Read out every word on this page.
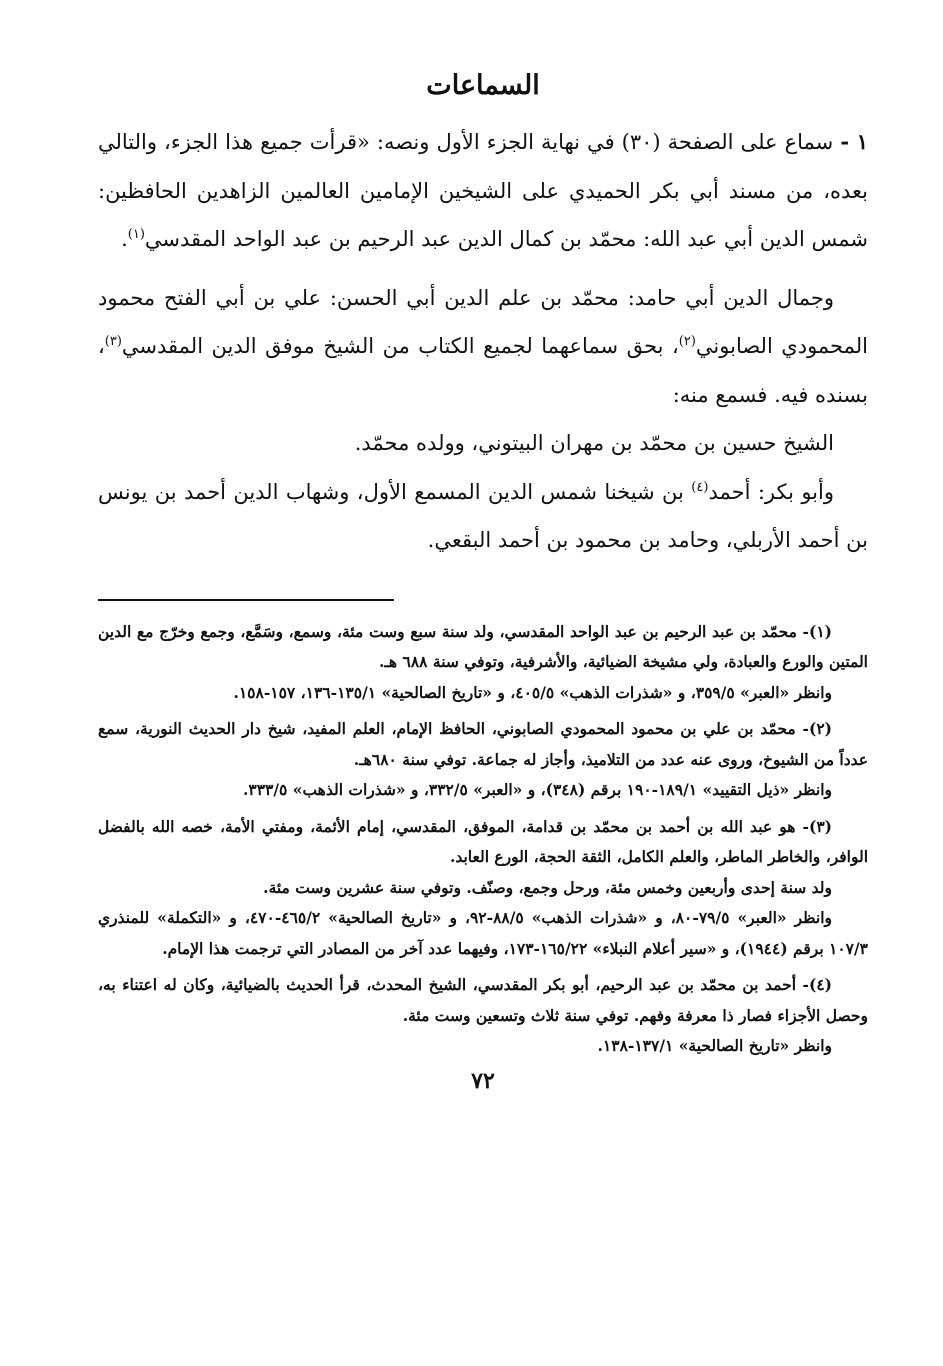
السماعات

١ - سماع على الصفحة (٣٠) في نهاية الجزء الأول ونصه: «قرأت جميع هذا الجزء، والتالي بعده، من مسند أبي بكر الحميدي على الشيخين الإمامين العالمين الزاهدين الحافظين: شمس الدين أبي عبد الله: محمّد بن كمال الدين عبد الرحيم بن عبد الواحد المقدسي$^{(١)}$.

وجمال الدين أبي حامد: محمّد بن علم الدين أبي الحسن: علي بن أبي الفتح محمود المحمودي الصابوني$^{(٢)}$، بحق سماعهما لجميع الكتاب من الشيخ موفق الدين المقدسي$^{(٣)}$، بسنده فيه. فسمع منه:

الشيخ حسين بن محمّد بن مهران البيتوني، وولده محمّد.

وأبو بكر: أحمد$^{(٤)}$ بن شيخنا شمس الدين المسمع الأول، وشهاب الدين أحمد بن يونس بن أحمد الأربلي، وحامد بن محمود بن أحمد البقعي.

(١)- محمّد بن عبد الرحيم بن عبد الواحد المقدسي، ولد سنة سبع وست مئة، وسمع، وسَمَّع، وجمع وخرّج مع الدين المتين والورع والعبادة، ولي مشيخة الضيائية، والأشرفية، وتوفي سنة ٦٨٨ هـ.

وانظر «العبر» ٣٥٩/٥، و «شذرات الذهب» ٤٠٥/٥، و «تاريخ الصالحية» ١٣٥/١-١٣٦، ١٥٧-١٥٨.

(٢)- محمّد بن علي بن محمود المحمودي الصابوني، الحافظ الإمام، العلم المفيد، شيخ دار الحديث النورية، سمع عدداً من الشيوخ، وروى عنه عدد من التلاميذ، وأجاز له جماعة. توفي سنة ٦٨٠هـ.

وانظر «ذيل التقييد» ١٨٩/١-١٩٠ برقم (٣٤٨)، و «العبر» ٣٣٢/٥، و «شذرات الذهب» ٣٣٣/٥.

(٣)- هو عبد الله بن أحمد بن محمّد بن قدامة، الموفق، المقدسي، إمام الأئمة، ومفتي الأمة، خصه الله بالفضل الوافر، والخاطر الماطر، والعلم الكامل، الثقة الحجة، الورع العابد.

ولد سنة إحدى وأربعين وخمس مئة، ورحل وجمع، وصنّف. وتوفي سنة عشرين وست مئة.

وانظر «العبر» ٧٩/٥-٨٠، و «شذرات الذهب» ٨٨/٥-٩٢، و «تاريخ الصالحية» ٤٦٥/٢-٤٧٠، و «التكملة» للمنذري ١٠٧/٣ برقم (١٩٤٤)، و «سير أعلام النبلاء» ١٦٥/٢٢-١٧٣، وفيهما عدد آخر من المصادر التي ترجمت هذا الإمام.

(٤)- أحمد بن محمّد بن عبد الرحيم، أبو بكر المقدسي، الشيخ المحدث، قرأ الحديث بالضيائية، وكان له اعتناء به، وحصل الأجزاء فصار ذا معرفة وفهم. توفي سنة ثلاث وتسعين وست مئة.

وانظر «تاريخ الصالحية» ١٣٧/١-١٣٨.

٧٢
